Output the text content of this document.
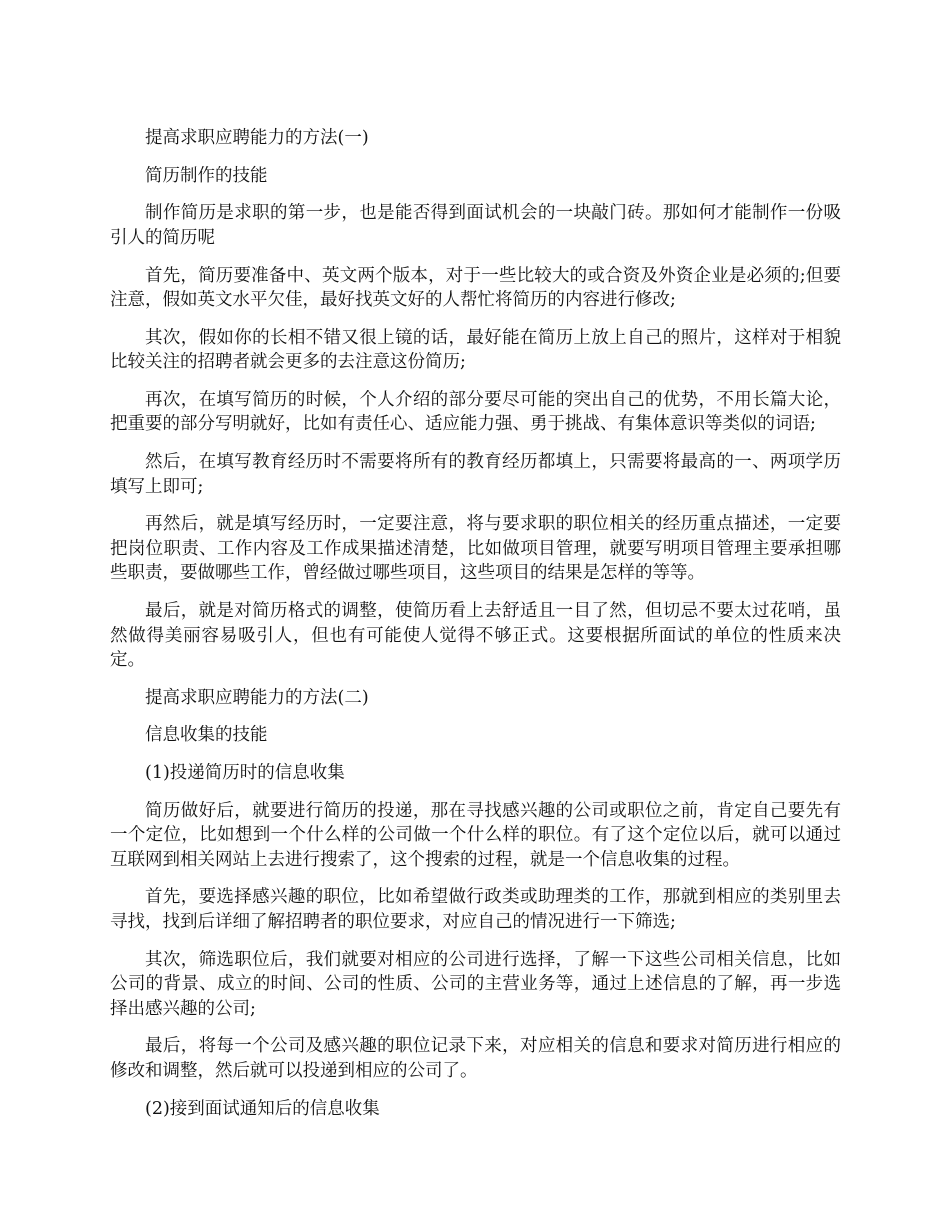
提高求职应聘能力的方法(一)

简历制作的技能

制作简历是求职的第一步，也是能否得到面试机会的一块敲门砖。那如何才能制作一份吸引人的简历呢

首先，简历要准备中、英文两个版本，对于一些比较大的或合资及外资企业是必须的;但要注意，假如英文水平欠佳，最好找英文好的人帮忙将简历的内容进行修改;

其次，假如你的长相不错又很上镜的话，最好能在简历上放上自己的照片，这样对于相貌比较关注的招聘者就会更多的去注意这份简历;

再次，在填写简历的时候，个人介绍的部分要尽可能的突出自己的优势，不用长篇大论，把重要的部分写明就好，比如有责任心、适应能力强、勇于挑战、有集体意识等类似的词语;

然后，在填写教育经历时不需要将所有的教育经历都填上，只需要将最高的一、两项学历填写上即可;

再然后，就是填写经历时，一定要注意，将与要求职的职位相关的经历重点描述，一定要把岗位职责、工作内容及工作成果描述清楚，比如做项目管理，就要写明项目管理主要承担哪些职责，要做哪些工作，曾经做过哪些项目，这些项目的结果是怎样的等等。

最后，就是对简历格式的调整，使简历看上去舒适且一目了然，但切忌不要太过花哨，虽然做得美丽容易吸引人，但也有可能使人觉得不够正式。这要根据所面试的单位的性质来决定。

提高求职应聘能力的方法(二)

信息收集的技能

(1)投递简历时的信息收集

简历做好后，就要进行简历的投递，那在寻找感兴趣的公司或职位之前，肯定自己要先有一个定位，比如想到一个什么样的公司做一个什么样的职位。有了这个定位以后，就可以通过互联网到相关网站上去进行搜索了，这个搜索的过程，就是一个信息收集的过程。

首先，要选择感兴趣的职位，比如希望做行政类或助理类的工作，那就到相应的类别里去寻找，找到后详细了解招聘者的职位要求，对应自己的情况进行一下筛选;

其次，筛选职位后，我们就要对相应的公司进行选择，了解一下这些公司相关信息，比如公司的背景、成立的时间、公司的性质、公司的主营业务等，通过上述信息的了解，再一步选择出感兴趣的公司;

最后，将每一个公司及感兴趣的职位记录下来，对应相关的信息和要求对简历进行相应的修改和调整，然后就可以投递到相应的公司了。

(2)接到面试通知后的信息收集
